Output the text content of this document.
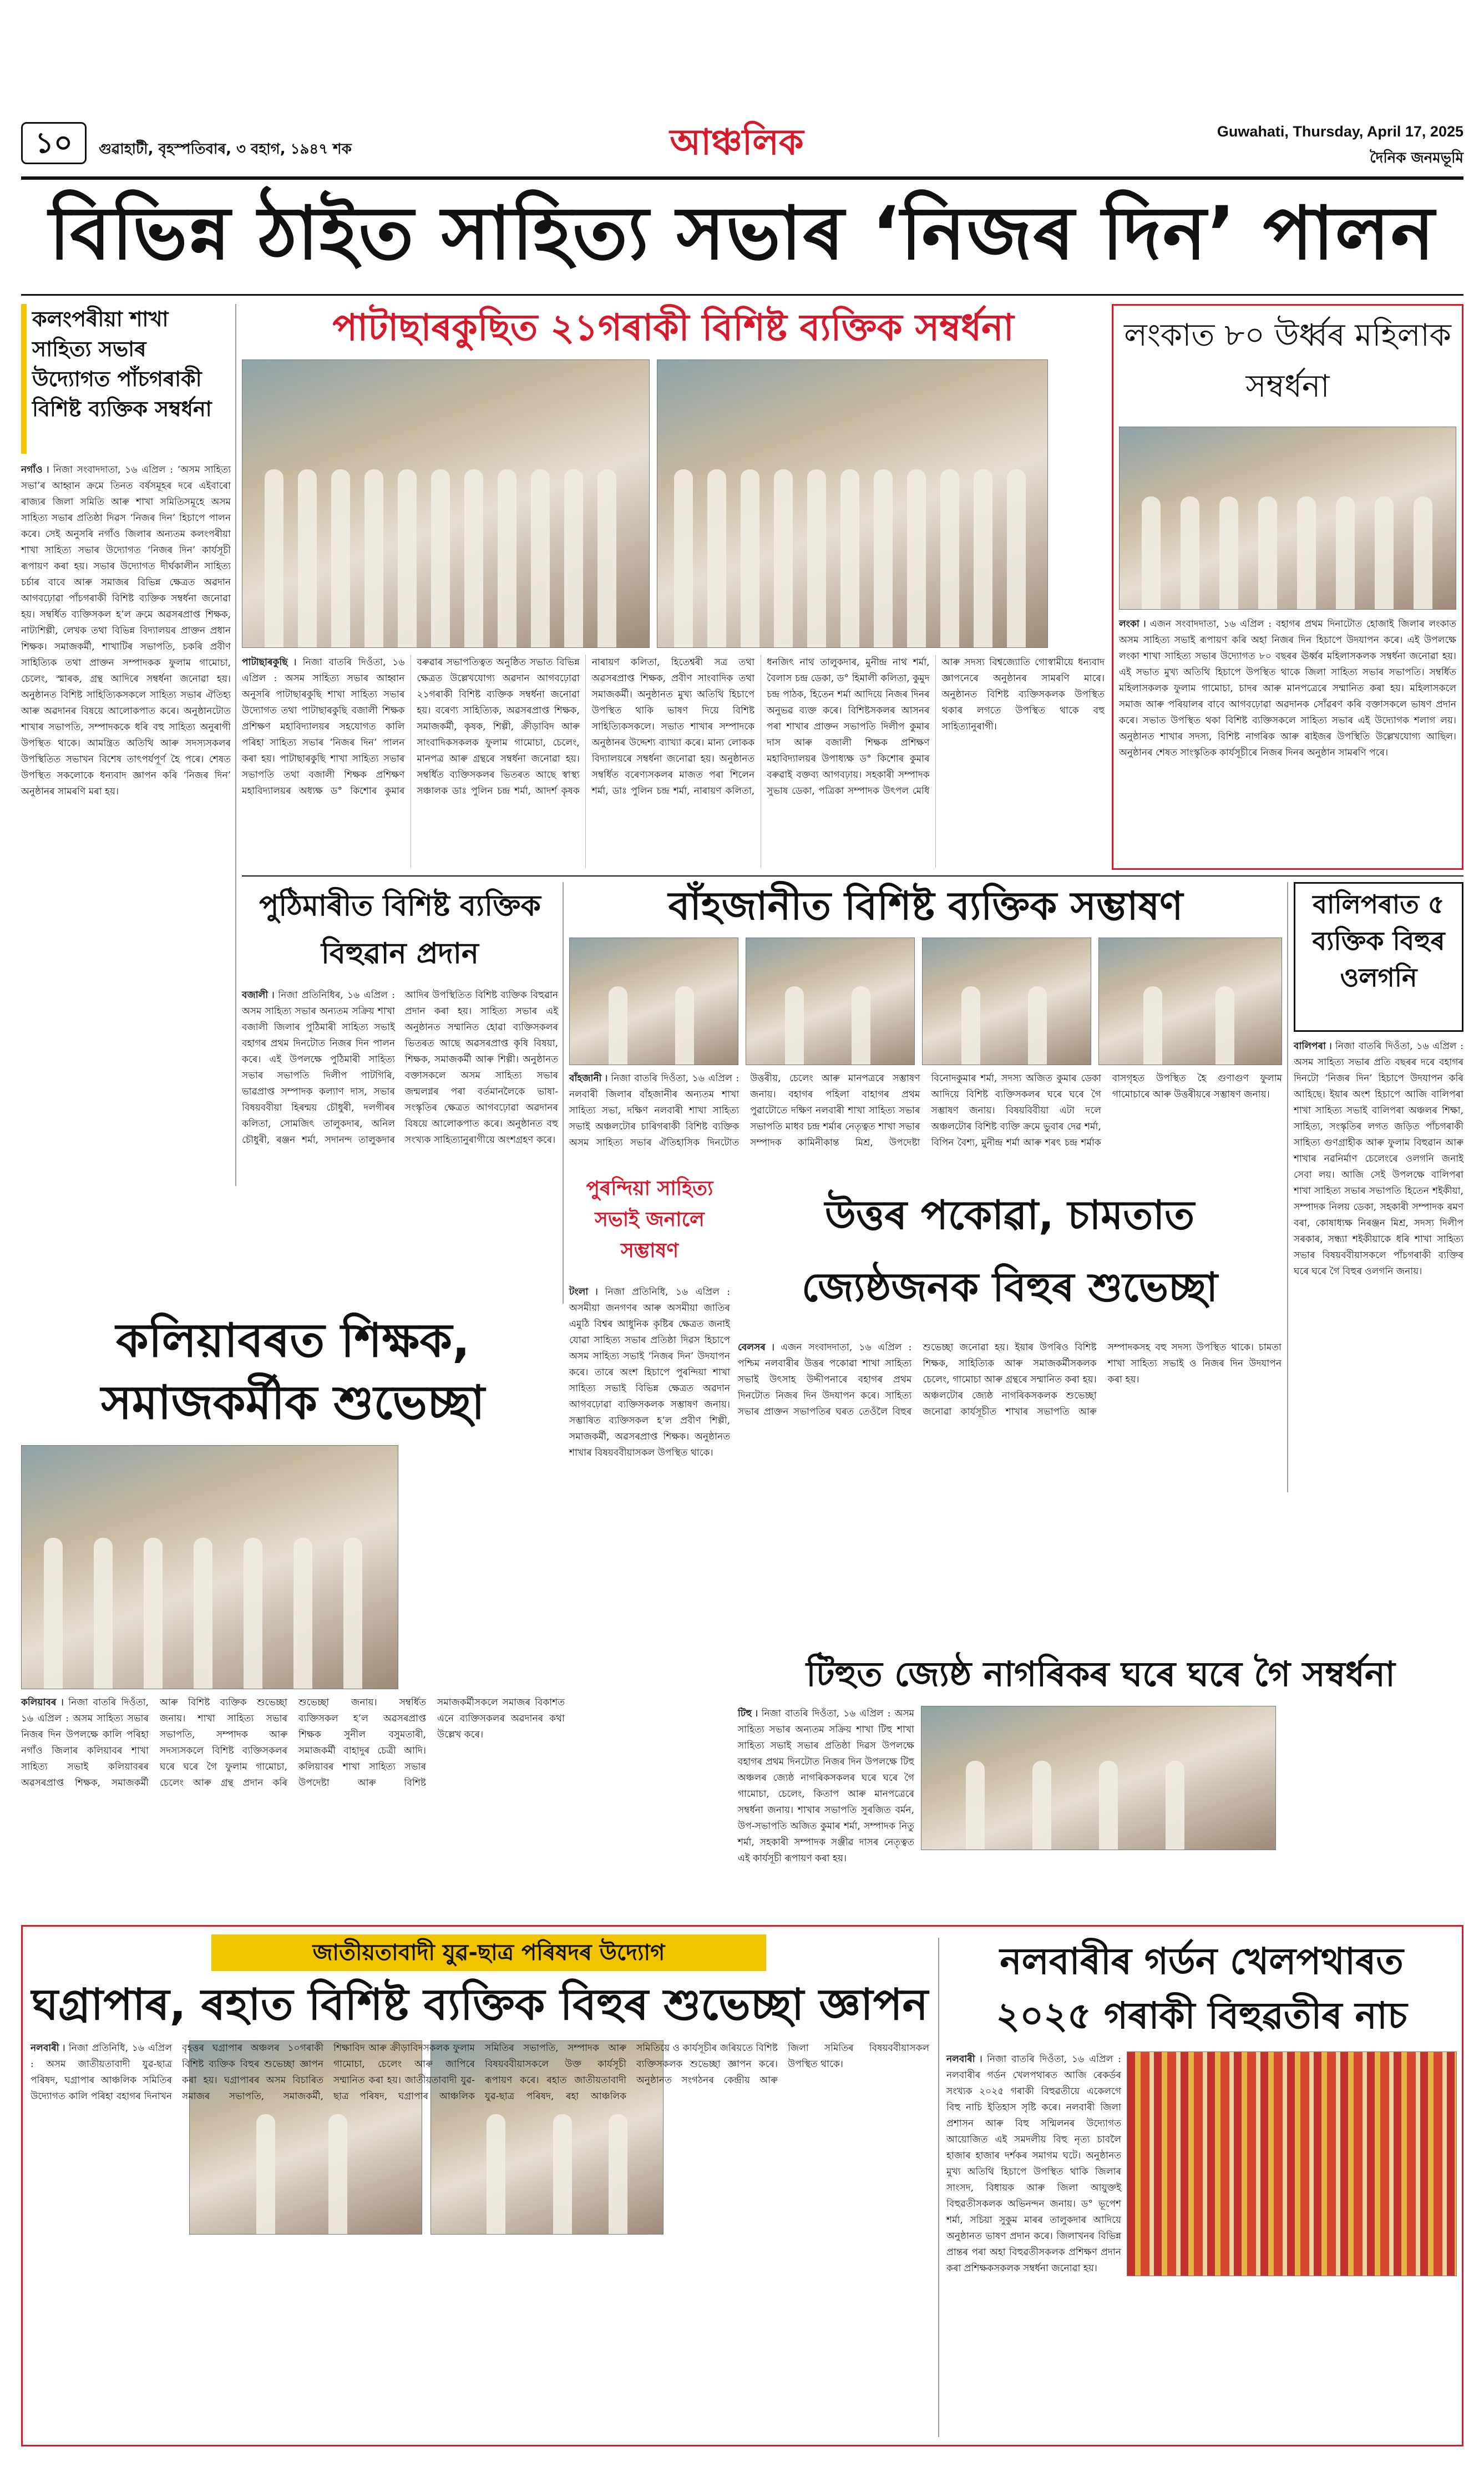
১০	গুৱাহাটী, বৃহস্পতিবাৰ, ৩ বহাগ, ১৯৪৭ শক	আঞ্চলিক	Guwahati, Thursday, April 17, 2025
দৈনিক জনমভূমি
বিভিন্ন ঠাইত সাহিত্য সভাৰ ‘নিজৰ দিন’ পালন
কলংপৰীয়া শাখা সাহিত্য সভাৰ উদ্যোগত পাঁচগৰাকী বিশিষ্ট ব্যক্তিক সম্বৰ্ধনা
নগাঁও ৷ নিজা সংবাদদাতা, ১৬ এপ্ৰিল : ‘অসম সাহিত্য সভা’ৰ আহ্বান ক্ৰমে তিনত বৰ্ষসমূহৰ দৰে এইবাৰো ৰাজ্যৰ জিলা সমিতি আৰু শাখা সমিতিসমূহে অসম সাহিত্য সভাৰ প্ৰতিষ্ঠা দিৱস ‘নিজৰ দিন’ হিচাপে পালন কৰে। সেই অনুসৰি নগাঁও জিলাৰ অন্যতম কলংপৰীয়া শাখা সাহিত্য সভাৰ উদ্যোগত ‘নিজৰ দিন’ কাৰ্যসূচী ৰূপায়ণ কৰা হয়। সভাৰ উদ্যোগত দীৰ্ঘকালীন সাহিত্য চৰ্চাৰ বাবে আৰু সমাজৰ বিভিন্ন ক্ষেত্ৰত অৱদান আগবঢ়োৱা পাঁচগৰাকী বিশিষ্ট ব্যক্তিক সম্বৰ্ধনা জনোৱা হয়। সম্বৰ্ধিত ব্যক্তিসকল হ’ল ক্ৰমে অৱসৰপ্ৰাপ্ত শিক্ষক, নাট্যশিল্পী, লেখক তথা বিভিন্ন বিদ্যালয়ৰ প্ৰাক্তন প্ৰধান শিক্ষক। সমাজকৰ্মী, শাখাটিৰ সভাপতি, চকৰি প্ৰবীণ সাহিত্যিক তথা প্ৰাক্তন সম্পাদকক ফুলাম গামোচা, চেলেং, স্মাৰক, গ্ৰন্থ আদিৰে সম্বৰ্ধনা জনোৱা হয়। অনুষ্ঠানত বিশিষ্ট সাহিত্যিকসকলে সাহিত্য সভাৰ ঐতিহ্য আৰু অৱদানৰ বিষয়ে আলোকপাত কৰে। অনুষ্ঠানটোত শাখাৰ সভাপতি, সম্পাদককে ধৰি বহু সাহিত্য অনুৰাগী উপস্থিত থাকে। আমন্ত্ৰিত অতিথি আৰু সদস্যসকলৰ উপস্থিতিত সভাখন বিশেষ তাৎপৰ্যপূৰ্ণ হৈ পৰে। শেষত উপস্থিত সকলোকে ধন্যবাদ জ্ঞাপন কৰি ‘নিজৰ দিন’ অনুষ্ঠানৰ সামৰণি মৰা হয়।
পাটাছাৰকুছিত ২১গৰাকী বিশিষ্ট ব্যক্তিক সম্বৰ্ধনা
পাটাছাৰকুছি ৷ নিজা বাতৰি দিওঁতা, ১৬ এপ্ৰিল : অসম সাহিত্য সভাৰ আহ্বান অনুসৰি পাটাছাৰকুছি শাখা সাহিত্য সভাৰ উদ্যোগত তথা পাটাছাৰকুছি বজালী শিক্ষক প্ৰশিক্ষণ মহাবিদ্যালয়ৰ সহযোগত কালি পৰিহা সাহিত্য সভাৰ ‘নিজৰ দিন’ পালন কৰা হয়। পাটাছাৰকুছি শাখা সাহিত্য সভাৰ সভাপতি তথা বজালী শিক্ষক প্ৰশিক্ষণ মহাবিদ্যালয়ৰ অধ্যক্ষ ড° কিশোৰ কুমাৰ বৰুৱাৰ সভাপতিত্বত অনুষ্ঠিত সভাত বিভিন্ন ক্ষেত্ৰত উল্লেখযোগ্য অৱদান আগবঢ়োৱা ২১গৰাকী বিশিষ্ট ব্যক্তিক সম্বৰ্ধনা জনোৱা হয়। বৰেণ্য সাহিত্যিক, অৱসৰপ্ৰাপ্ত শিক্ষক, সমাজকৰ্মী, কৃষক, শিল্পী, ক্ৰীড়াবিদ আৰু সাংবাদিকসকলক ফুলাম গামোচা, চেলেং, মানপত্ৰ আৰু গ্ৰন্থৰে সম্বৰ্ধনা জনোৱা হয়। সম্বৰ্ধিত ব্যক্তিসকলৰ ভিতৰত আছে স্বাস্থ্য সঞ্চালক ডাঃ পুলিন চন্দ্ৰ শৰ্মা, আদৰ্শ কৃষক নাৰায়ণ কলিতা, হিতেশ্বৰী সত্ৰ তথা অৱসৰপ্ৰাপ্ত শিক্ষক, প্ৰবীণ সাংবাদিক তথা সমাজকৰ্মী। অনুষ্ঠানত মুখ্য অতিথি হিচাপে উপস্থিত থাকি ভাষণ দিয়ে বিশিষ্ট সাহিত্যিকসকলে। সভাত শাখাৰ সম্পাদকে অনুষ্ঠানৰ উদ্দেশ্য ব্যাখ্যা কৰে। মান্য লোকক বিদ্যালয়ৰে সম্বৰ্ধনা জনোৱা হয়। অনুষ্ঠানত সম্বৰ্ধিত বৰেণ্যসকলৰ মাজত পৰা শিলেন শৰ্মা, ডাঃ পুলিন চন্দ্ৰ শৰ্মা, নাৰায়ণ কলিতা, ধনজিৎ নাথ তালুকদাৰ, মুনীন্দ্ৰ নাথ শৰ্মা, বৈলাস চন্দ্ৰ ডেকা, ড° হিমালী কলিতা, কুমুদ চন্দ্ৰ পাঠক, হিতেন শৰ্মা আদিয়ে নিজৰ দিনৰ অনুভৱ ব্যক্ত কৰে। বিশিষ্টসকলৰ আসনৰ পৰা শাখাৰ প্ৰাক্তন সভাপতি দিলীপ কুমাৰ দাস আৰু বজালী শিক্ষক প্ৰশিক্ষণ মহাবিদ্যালয়ৰ উপাধ্যক্ষ ড° কিশোৰ কুমাৰ বৰুৱাই বক্তব্য আগবঢ়ায়। সহকাৰী সম্পাদক সুভাষ ডেকা, পত্ৰিকা সম্পাদক উৎপল মেধি আৰু সদস্য বিশ্বজ্যোতি গোস্বামীয়ে ধন্যবাদ জ্ঞাপনেৰে অনুষ্ঠানৰ সামৰণি মাৰে। অনুষ্ঠানত বিশিষ্ট ব্যক্তিসকলক উপস্থিত থকাৰ লগতে উপস্থিত থাকে বহু সাহিত্যানুৰাগী।
লংকাত ৮০ উৰ্ধ্বৰ মহিলাক সম্বৰ্ধনা
লংকা ৷ এজন সংবাদদাতা, ১৬ এপ্ৰিল : বহাগৰ প্ৰথম দিনাটোত হোজাই জিলাৰ লংকাত অসম সাহিত্য সভাই ৰূপায়ণ কৰি অহা নিজৰ দিন হিচাপে উদযাপন কৰে। এই উপলক্ষে লংকা শাখা সাহিত্য সভাৰ উদ্যোগত ৮০ বছৰৰ ঊৰ্ধ্বৰ মহিলাসকলক সম্বৰ্ধনা জনোৱা হয়। এই সভাত মুখ্য অতিথি হিচাপে উপস্থিত থাকে জিলা সাহিত্য সভাৰ সভাপতি। সম্বৰ্ধিত মহিলাসকলক ফুলাম গামোচা, চাদৰ আৰু মানপত্ৰেৰে সম্মানিত কৰা হয়। মহিলাসকলে সমাজ আৰু পৰিয়ালৰ বাবে আগবঢ়োৱা অৱদানক সোঁৱৰণ কৰি বক্তাসকলে ভাষণ প্ৰদান কৰে। সভাত উপস্থিত থকা বিশিষ্ট ব্যক্তিসকলে সাহিত্য সভাৰ এই উদ্যোগক শলাগ লয়। অনুষ্ঠানত শাখাৰ সদস্য, বিশিষ্ট নাগৰিক আৰু ৰাইজৰ উপস্থিতি উল্লেখযোগ্য আছিল। অনুষ্ঠানৰ শেষত সাংস্কৃতিক কাৰ্যসূচীৰে নিজৰ দিনৰ অনুষ্ঠান সামৰণি পৰে।
পুঠিমাৰীত বিশিষ্ট ব্যক্তিক বিহুৱান প্ৰদান
বজালী ৷ নিজা প্ৰতিনিধিৰ, ১৬ এপ্ৰিল : অসম সাহিত্য সভাৰ অন্যতম সক্ৰিয় শাখা বজালী জিলাৰ পুঠিমাৰী সাহিত্য সভাই বহাগৰ প্ৰথম দিনটোত নিজৰ দিন পালন কৰে। এই উপলক্ষে পুঠিমাৰী সাহিত্য সভাৰ সভাপতি দিলীপ পাটগিৰি, ভাৱপ্ৰাপ্ত সম্পাদক কল্যাণ দাস, সভাৰ বিষয়ববীয়া হিৰন্ময় চৌধুৰী, দলগীৰৰ কলিতা, সোমজিৎ তালুকদাৰ, অনিল চৌধুৰী, ৰঞ্জন শৰ্মা, সদানন্দ তালুকদাৰ আদিৰ উপস্থিতিত বিশিষ্ট ব্যক্তিক বিহুৱান প্ৰদান কৰা হয়। সাহিত্য সভাৰ এই অনুষ্ঠানত সম্মানিত হোৱা ব্যক্তিসকলৰ ভিতৰত আছে অৱসৰপ্ৰাপ্ত কৃষি বিষয়া, শিক্ষক, সমাজকৰ্মী আৰু শিল্পী। অনুষ্ঠানত বক্তাসকলে অসম সাহিত্য সভাৰ জন্মলগ্নৰ পৰা বৰ্তমানলৈকে ভাষা-সংস্কৃতিৰ ক্ষেত্ৰত আগবঢ়োৱা অৱদানৰ বিষয়ে আলোকপাত কৰে। অনুষ্ঠানত বহু সংখ্যক সাহিত্যানুৰাগীয়ে অংশগ্ৰহণ কৰে।
বাঁহজানীত বিশিষ্ট ব্যক্তিক সম্ভাষণ
বাঁহজানী ৷ নিজা বাতৰি দিওঁতা, ১৬ এপ্ৰিল : নলবাৰী জিলাৰ বাঁহজানীৰ অন্যতম শাখা সাহিত্য সভা, দক্ষিণ নলবাৰী শাখা সাহিত্য সভাই অঞ্চলটোৰ চাৰিগৰাকী বিশিষ্ট ব্যক্তিক অসম সাহিত্য সভাৰ ঐতিহাসিক দিনটোত উত্তৰীয়, চেলেং আৰু মানপত্ৰৰে সম্ভাষণ জনায়। বহাগৰ পহিলা বাহাগৰ প্ৰথম পুৱাটোতে দক্ষিণ নলবাৰী শাখা সাহিত্য সভাৰ সভাপতি মাধব চন্দ্ৰ শৰ্মাৰ নেতৃত্বত শাখা সভাৰ সম্পাদক কামিনীকান্ত মিশ্ৰ, উপদেষ্টা বিনোদকুমাৰ শৰ্মা, সদস্য অজিত কুমাৰ ডেকা আদিয়ে বিশিষ্ট ব্যক্তিসকলৰ ঘৰে ঘৰে গৈ সম্ভাষণ জনায়। বিষয়বিবীয়া এটা দলে অঞ্চলটোৰ বিশিষ্ট ব্যক্তি ক্ৰমে ভুবাৰ দেৱ শৰ্মা, বিপিন বৈশ্য, মুনীন্দ্ৰ শৰ্মা আৰু শৰৎ চন্দ্ৰ শৰ্মাক বাসগৃহত উপস্থিত হৈ গুণাগুণ ফুলাম গামোচাৰে আৰু উত্তৰীয়ৰে সম্ভাষণ জনায়।
বালিপৰাত ৫ ব্যক্তিক বিহুৰ ওলগনি
বালিপৰা ৷ নিজা বাতৰি দিওঁতা, ১৬ এপ্ৰিল : অসম সাহিত্য সভাৰ প্ৰতি বছৰৰ দৰে বহাগৰ দিনটো ‘নিজৰ দিন’ হিচাপে উদযাপন কৰি আহিছে। ইয়াৰ অংশ হিচাপে আজি বালিপৰা শাখা সাহিত্য সভাই বালিপৰা অঞ্চলৰ শিক্ষা, সাহিত্য, সংস্কৃতিৰ লগত জড়িত পাঁচগৰাকী সাহিত্য গুণগ্ৰাহীক আৰু ফুলাম বিহুৱান আৰু শাখাৰ নৱনিৰ্মাণ চেলেংৰে ওলগনি জনাই সেবা লয়। আজি সেই উপলক্ষে বালিপৰা শাখা সাহিত্য সভাৰ সভাপতি হিতেন শইকীয়া, সম্পাদক নিলয় ডেকা, সহকাৰী সম্পাদক ৰমণ বৰা, কোষাধ্যক্ষ নিৰঞ্জন মিশ্ৰ, সদস্য দিলীপ সৰকাৰ, সন্ধ্যা শইকীয়াকে ধৰি শাখা সাহিত্য সভাৰ বিষয়ববীয়াসকলে পাঁচগৰাকী ব্যক্তিৰ ঘৰে ঘৰে গৈ বিহুৰ ওলগনি জনায়।
পুৰন্দিয়া সাহিত্য সভাই জনালে সম্ভাষণ
টংলা ৷ নিজা প্ৰতিনিধি, ১৬ এপ্ৰিল : অসমীয়া জনগণৰ আৰু অসমীয়া জাতিৰ এমুঠি বিশ্বৰ আধুনিক কৃষ্টিৰ ক্ষেত্ৰত জনাই যোৱা সাহিত্য সভাৰ প্ৰতিষ্ঠা দিৱস হিচাপে অসম সাহিত্য সভাই ‘নিজৰ দিন’ উদযাপন কৰে। তাৰে অংশ হিচাপে পুৰন্দিয়া শাখা সাহিত্য সভাই বিভিন্ন ক্ষেত্ৰত অৱদান আগবঢ়োৱা ব্যক্তিসকলক সম্ভাষণ জনায়। সম্ভাষিত ব্যক্তিসকল হ’ল প্ৰবীণ শিল্পী, সমাজকৰ্মী, অৱসৰপ্ৰাপ্ত শিক্ষক। অনুষ্ঠানত শাখাৰ বিষয়ববীয়াসকল উপস্থিত থাকে।
কলিয়াবৰত শিক্ষক, সমাজকৰ্মীক শুভেচ্ছা
কলিয়াবৰ ৷ নিজা বাতৰি দিওঁতা, ১৬ এপ্ৰিল : অসম সাহিত্য সভাৰ নিজৰ দিন উপলক্ষে কালি পৰিহা নগাঁও জিলাৰ কলিয়াবৰ শাখা সাহিত্য সভাই কলিয়াবৰৰ অৱসৰপ্ৰাপ্ত শিক্ষক, সমাজকৰ্মী আৰু বিশিষ্ট ব্যক্তিক শুভেচ্ছা জনায়। শাখা সাহিত্য সভাৰ সভাপতি, সম্পাদক আৰু সদস্যসকলে বিশিষ্ট ব্যক্তিসকলৰ ঘৰে ঘৰে গৈ ফুলাম গামোচা, চেলেং আৰু গ্ৰন্থ প্ৰদান কৰি শুভেচ্ছা জনায়। সম্বৰ্ধিত ব্যক্তিসকল হ’ল অৱসৰপ্ৰাপ্ত শিক্ষক সুনীল বসুমতাৰী, সমাজকৰ্মী বাহাদুৰ চেত্ৰী আদি। কলিয়াবৰ শাখা সাহিত্য সভাৰ উপদেষ্টা আৰু বিশিষ্ট সমাজকৰ্মীসকলে সমাজৰ বিকাশত এনে ব্যক্তিসকলৰ অৱদানৰ কথা উল্লেখ কৰে।
উত্তৰ পকোৱা, চামতাত জ্যেষ্ঠজনক বিহুৰ শুভেচ্ছা
বেলসৰ ৷ এজন সংবাদদাতা, ১৬ এপ্ৰিল : পশ্চিম নলবাৰীৰ উত্তৰ পকোৱা শাখা সাহিত্য সভাই উৎসাহ উদ্দীপনাৰে বহাগৰ প্ৰথম দিনটোত নিজৰ দিন উদযাপন কৰে। সাহিত্য সভাৰ প্ৰাক্তন সভাপতিৰ ঘৰত তেওঁলৈ বিহুৰ শুভেচ্ছা জনোৱা হয়। ইয়াৰ উপৰিও বিশিষ্ট শিক্ষক, সাহিত্যিক আৰু সমাজকৰ্মীসকলক চেলেং, গামোচা আৰু গ্ৰন্থৰে সম্মানিত কৰা হয়। অঞ্চলটোৰ জ্যেষ্ঠ নাগৰিকসকলক শুভেচ্ছা জনোৱা কাৰ্যসূচীত শাখাৰ সভাপতি আৰু সম্পাদকসহ বহু সদস্য উপস্থিত থাকে। চামতা শাখা সাহিত্য সভাই ও নিজৰ দিন উদযাপন কৰা হয়।
টিহুত জ্যেষ্ঠ নাগৰিকৰ ঘৰে ঘৰে গৈ সম্বৰ্ধনা
টিহু ৷ নিজা বাতৰি দিওঁতা, ১৬ এপ্ৰিল : অসম সাহিত্য সভাৰ অন্যতম সক্ৰিয় শাখা টিহু শাখা সাহিত্য সভাই সভাৰ প্ৰতিষ্ঠা দিৱস উপলক্ষে বহাগৰ প্ৰথম দিনটোত নিজৰ দিন উপলক্ষে টিহু অঞ্চলৰ জ্যেষ্ঠ নাগৰিকসকলৰ ঘৰে ঘৰে গৈ গামোচা, চেলেং, কিতাপ আৰু মানপত্ৰেৰে সম্বৰ্ধনা জনায়। শাখাৰ সভাপতি সুৰজিত বৰ্মন, উপ-সভাপতি অজিত কুমাৰ শৰ্মা, সম্পাদক নিতু শৰ্মা, সহকাৰী সম্পাদক সঞ্জীৱ দাসৰ নেতৃত্বত এই কাৰ্যসূচী ৰূপায়ণ কৰা হয়।
জাতীয়তাবাদী যুৱ-ছাত্ৰ পৰিষদৰ উদ্যোগ
ঘগ্ৰাপাৰ, ৰহাত বিশিষ্ট ব্যক্তিক বিহুৰ শুভেচ্ছা জ্ঞাপন
নলবাৰী ৷ নিজা প্ৰতিনিধি, ১৬ এপ্ৰিল : অসম জাতীয়তাবাদী যুৱ-ছাত্ৰ পৰিষদ, ঘগ্ৰাপাৰ আঞ্চলিক সমিতিৰ উদ্যোগত কালি পৰিহা বহাগৰ দিনাখন বৃহত্তৰ ঘগ্ৰাপাৰ অঞ্চলৰ ১০গৰাকী বিশিষ্ট ব্যক্তিক বিহুৰ শুভেচ্ছা জ্ঞাপন কৰা হয়। ঘগ্ৰাপাৰৰ অসম বিচাৰিত সমাজৰ সভাপতি, সমাজকৰ্মী, শিক্ষাবিদ আৰু ক্ৰীড়াবিদসকলক ফুলাম গামোচা, চেলেং আৰু জাপিৰে সম্মানিত কৰা হয়। জাতীয়তাবাদী যুৱ-ছাত্ৰ পৰিষদ, ঘগ্ৰাপাৰ আঞ্চলিক সমিতিৰ সভাপতি, সম্পাদক আৰু বিষয়ববীয়াসকলে উক্ত কাৰ্যসূচী ৰূপায়ণ কৰে। ৰহাত জাতীয়তাবাদী যুৱ-ছাত্ৰ পৰিষদ, ৰহা আঞ্চলিক সমিতিয়ে ও কাৰ্যসূচীৰ জৰিয়তে বিশিষ্ট ব্যক্তিসকলক শুভেচ্ছা জ্ঞাপন কৰে। অনুষ্ঠানত সংগঠনৰ কেন্দ্ৰীয় আৰু জিলা সমিতিৰ বিষয়ববীয়াসকল উপস্থিত থাকে।
নলবাৰীৰ গৰ্ডন খেলপথাৰত ২০২৫ গৰাকী বিহুৱতীৰ নাচ
নলবাৰী ৷ নিজা বাতৰি দিওঁতা, ১৬ এপ্ৰিল : নলবাৰীৰ গৰ্ডন খেলপথাৰত আজি ৰেকৰ্ডৰ সংখ্যক ২০২৫ গৰাকী বিহুৱতীয়ে একেলগে বিহু নাচি ইতিহাস সৃষ্টি কৰে। নলবাৰী জিলা প্ৰশাসন আৰু বিহু সন্মিলনৰ উদ্যোগত আয়োজিত এই সমদলীয় বিহু নৃত্য চাবলৈ হাজাৰ হাজাৰ দৰ্শকৰ সমাগম ঘটে। অনুষ্ঠানত মুখ্য অতিথি হিচাপে উপস্থিত থাকি জিলাৰ সাংসদ, বিধায়ক আৰু জিলা আয়ুক্তই বিহুৱতীসকলক অভিনন্দন জনায়। ড° ভূপেশ শৰ্মা, সচিয়া সুকুম মাৰৰ তালুকদাৰ আদিয়ে অনুষ্ঠানত ভাষণ প্ৰদান কৰে। জিলাখনৰ বিভিন্ন প্ৰান্তৰ পৰা অহা বিহুৱতীসকলক প্ৰশিক্ষণ প্ৰদান কৰা প্ৰশিক্ষকসকলক সম্বৰ্ধনা জনোৱা হয়।
